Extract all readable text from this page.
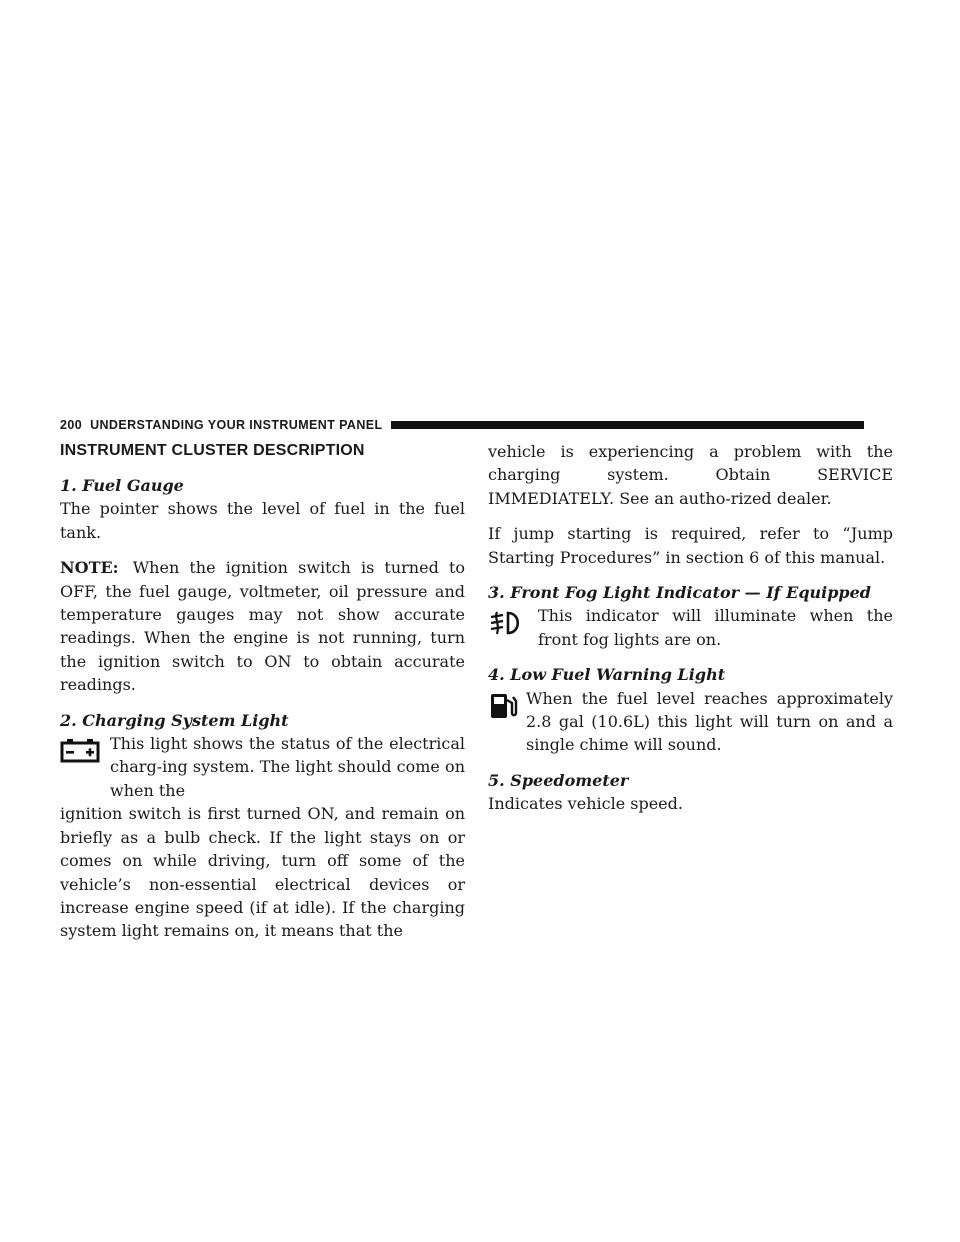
200 UNDERSTANDING YOUR INSTRUMENT PANEL
INSTRUMENT CLUSTER DESCRIPTION
1. Fuel Gauge

The pointer shows the level of fuel in the fuel tank.

NOTE: When the ignition switch is turned to OFF, the fuel gauge, voltmeter, oil pressure and temperature gauges may not show accurate readings. When the engine is not running, turn the ignition switch to ON to obtain accurate readings.

2. Charging System Light

This light shows the status of the electrical charg-ing system. The light should come on when the

ignition switch is first turned ON, and remain on briefly as a bulb check. If the light stays on or comes on while driving, turn off some of the vehicle’s non-essential electrical devices or increase engine speed (if at idle). If the charging system light remains on, it means that the

vehicle is experiencing a problem with the charging system. Obtain SERVICE IMMEDIATELY. See an autho-rized dealer.

If jump starting is required, refer to “Jump Starting Procedures” in section 6 of this manual.

3. Front Fog Light Indicator — If Equipped

This indicator will illuminate when the front fog lights are on.

4. Low Fuel Warning Light

When the fuel level reaches approximately 2.8 gal (10.6L) this light will turn on and a single chime will sound.

5. Speedometer

Indicates vehicle speed.
